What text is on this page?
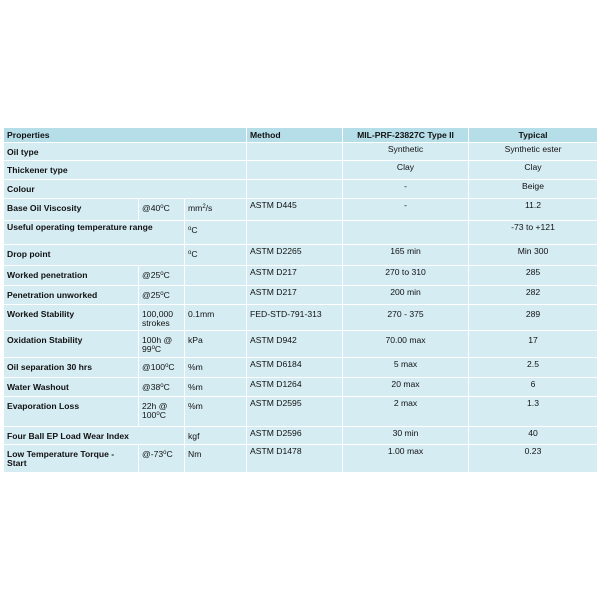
Properties			Method	MIL-PRF-23827C Type II	Typical
Oil type				Synthetic	Synthetic ester
Thickener type				Clay	Clay
Colour				-	Beige
Base Oil Viscosity	@40$^o$C	$mm^2/s$	ASTM D445	-	11.2
Useful operating temperature range		$^o$C			-73 to +121
Drop point		$^o$C	ASTM D2265	165 min	Min 300
Worked penetration	@25$^o$C		ASTM D217	270 to 310	285
Penetration unworked	@25$^o$C		ASTM D217	200 min	282
Worked Stability	100,000 strokes	0.1mm	FED-STD-791-313	270 - 375	289
Oxidation Stability	100h @ 99$^o$C	kPa	ASTM D942	70.00 max	17
Oil separation 30 hrs	@100$^o$C	%m	ASTM D6184	5 max	2.5
Water Washout	@38$^o$C	%m	ASTM D1264	20 max	6
Evaporation Loss	22h @ 100$^o$C	%m	ASTM D2595	2 max	1.3
Four Ball EP Load Wear Index		kgf	ASTM D2596	30 min	40
Low Temperature Torque - Start	@-73$^o$C	Nm	ASTM D1478	1.00 max	0.23
